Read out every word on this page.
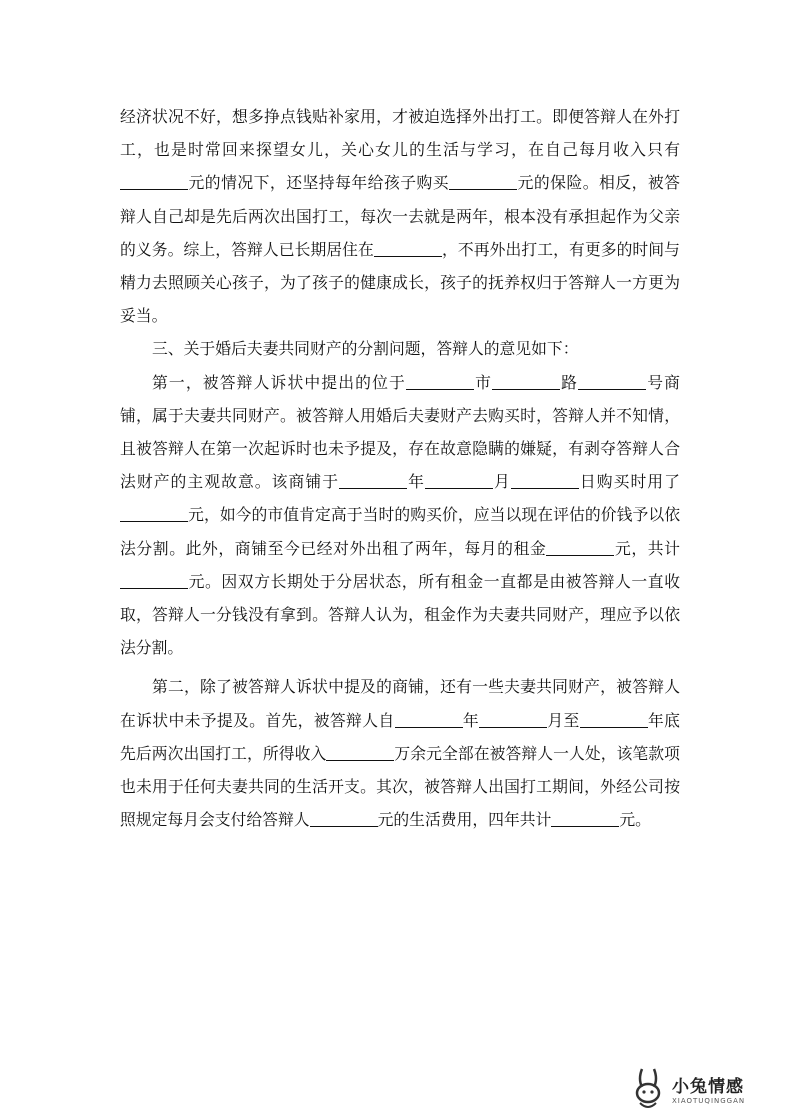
经济状况不好，想多挣点钱贴补家用，才被迫选择外出打工。即便答辩人在外打工，也是时常回来探望女儿，关心女儿的生活与学习，在自己每月收入只有元的情况下，还坚持每年给孩子购买	元的保险。相反，被答辩人自己却是先后两次出国打工，每次一去就是两年，根本没有承担起作为父亲的义务。综上，答辩人已长期居住在	，不再外出打工，有更多的时间与精力去照顾关心孩子，为了孩子的健康成长，孩子的抚养权归于答辩人一方更为妥当。

三、关于婚后夫妻共同财产的分割问题，答辩人的意见如下：

第一，被答辩人诉状中提出的位于	市	路	号商铺，属于夫妻共同财产。被答辩人用婚后夫妻财产去购买时，答辩人并不知情，且被答辩人在第一次起诉时也未予提及，存在故意隐瞒的嫌疑，有剥夺答辩人合法财产的主观故意。该商铺于	年	月	日购买时用了元，如今的市值肯定高于当时的购买价，应当以现在评估的价钱予以依法分割。此外，商铺至今已经对外出租了两年，每月的租金	元，共计元。因双方长期处于分居状态，所有租金一直都是由被答辩人一直收取，答辩人一分钱没有拿到。答辩人认为，租金作为夫妻共同财产，理应予以依法分割。

第二，除了被答辩人诉状中提及的商铺，还有一些夫妻共同财产，被答辩人在诉状中未予提及。首先，被答辩人自	年	月至	年底先后两次出国打工，所得收入	万余元全部在被答辩人一人处，该笔款项也未用于任何夫妻共同的生活开支。其次，被答辩人出国打工期间，外经公司按照规定每月会支付给答辩人	元的生活费用，四年共计	元。

小兔情感
XIAOTUQINGGAN
